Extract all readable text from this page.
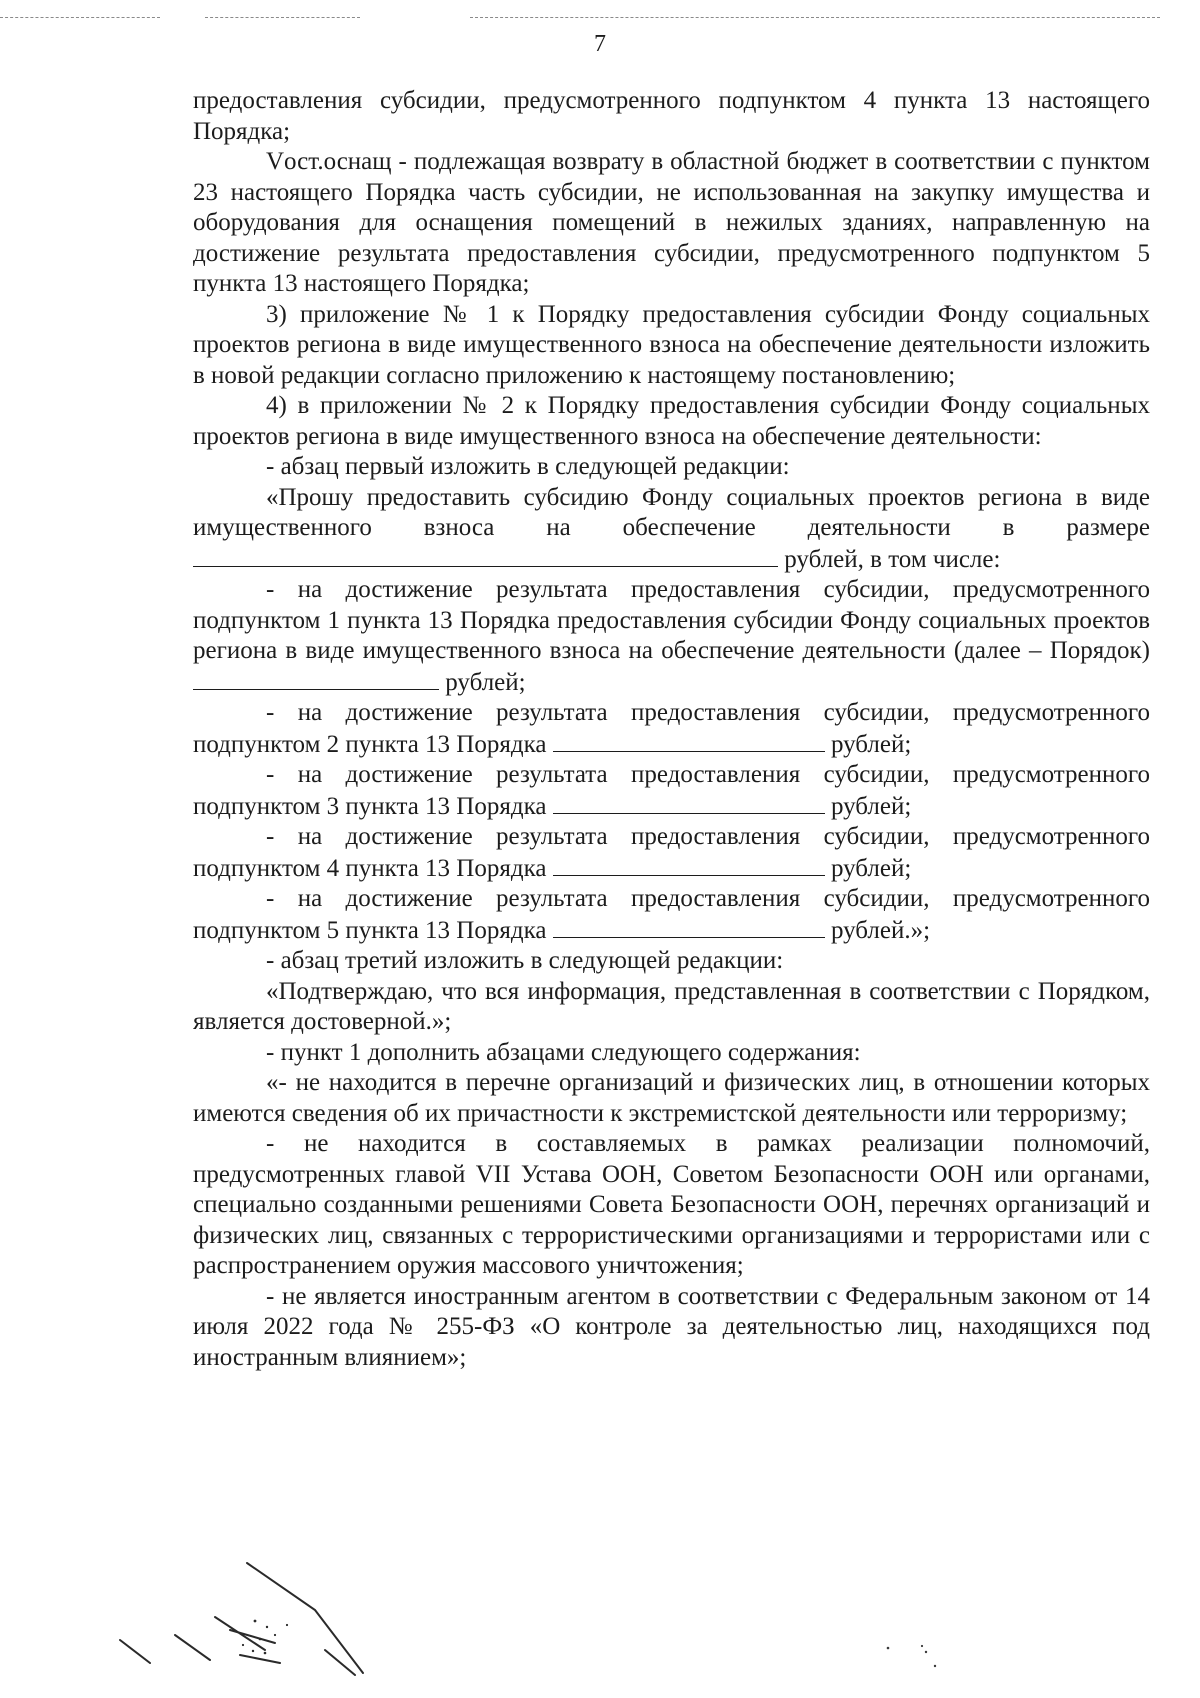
7

предоставления субсидии, предусмотренного подпунктом 4 пункта 13 настоящего Порядка;

Vост.оснащ - подлежащая возврату в областной бюджет в соответствии с пунктом 23 настоящего Порядка часть субсидии, не использованная на закупку имущества и оборудования для оснащения помещений в нежилых зданиях, направленную на достижение результата предоставления субсидии, предусмотренного подпунктом 5 пункта 13 настоящего Порядка;

3) приложение № 1 к Порядку предоставления субсидии Фонду социальных проектов региона в виде имущественного взноса на обеспечение деятельности изложить в новой редакции согласно приложению к настоящему постановлению;

4) в приложении № 2 к Порядку предоставления субсидии Фонду социальных проектов региона в виде имущественного взноса на обеспечение деятельности:

- абзац первый изложить в следующей редакции:

«Прошу предоставить субсидию Фонду социальных проектов региона в виде имущественного взноса на обеспечение деятельности в размере  рублей, в том числе:

- на достижение результата предоставления субсидии, предусмотренного подпунктом 1 пункта 13 Порядка предоставления субсидии Фонду социальных проектов региона в виде имущественного взноса на обеспечение деятельности (далее – Порядок)  рублей;

- на достижение результата предоставления субсидии, предусмотренного подпунктом 2 пункта 13 Порядка	рублей;

- на достижение результата предоставления субсидии, предусмотренного подпунктом 3 пункта 13 Порядка	рублей;

- на достижение результата предоставления субсидии, предусмотренного подпунктом 4 пункта 13 Порядка	рублей;

- на достижение результата предоставления субсидии, предусмотренного подпунктом 5 пункта 13 Порядка	рублей.»;

- абзац третий изложить в следующей редакции:

«Подтверждаю, что вся информация, представленная в соответствии с Порядком, является достоверной.»;

- пункт 1 дополнить абзацами следующего содержания:

«- не находится в перечне организаций и физических лиц, в отношении которых имеются сведения об их причастности к экстремистской деятельности или терроризму;

- не находится в составляемых в рамках реализации полномочий, предусмотренных главой VII Устава ООН, Советом Безопасности ООН или органами, специально созданными решениями Совета Безопасности ООН, перечнях организаций и физических лиц, связанных с террористическими организациями и террористами или с распространением оружия массового уничтожения;

- не является иностранным агентом в соответствии с Федеральным законом от 14 июля 2022 года № 255-ФЗ «О контроле за деятельностью лиц, находящихся под иностранным влиянием»;
